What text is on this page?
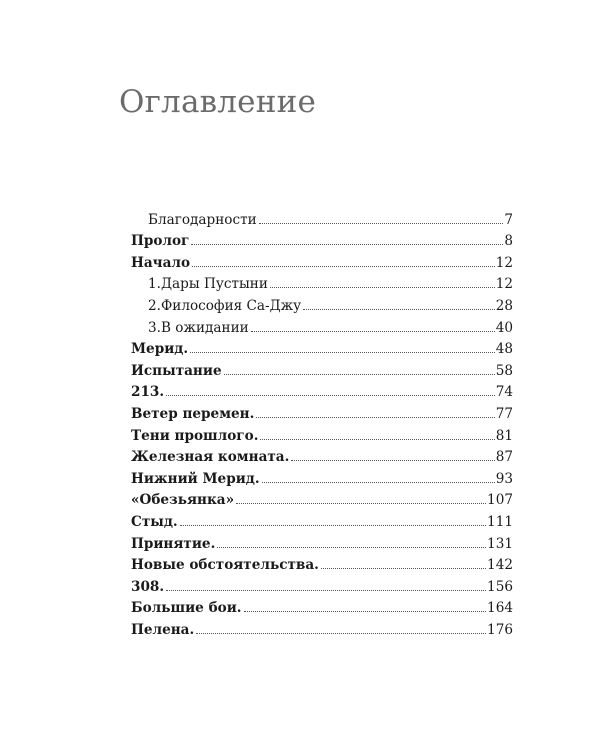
Оглавление
Благодарности	7
Пролог	8
Начало	12
1.Дары Пустыни	12
2.Философия Са-Джу	28
3.В ожидании	40
Мерид.	48
Испытание	58
213.	74
Ветер перемен.	77
Тени прошлого.	81
Железная комната.	87
Нижний Мерид.	93
«Обезьянка»	107
Стыд.	111
Принятие.	131
Новые обстоятельства.	142
308.	156
Большие бои.	164
Пелена.	176
